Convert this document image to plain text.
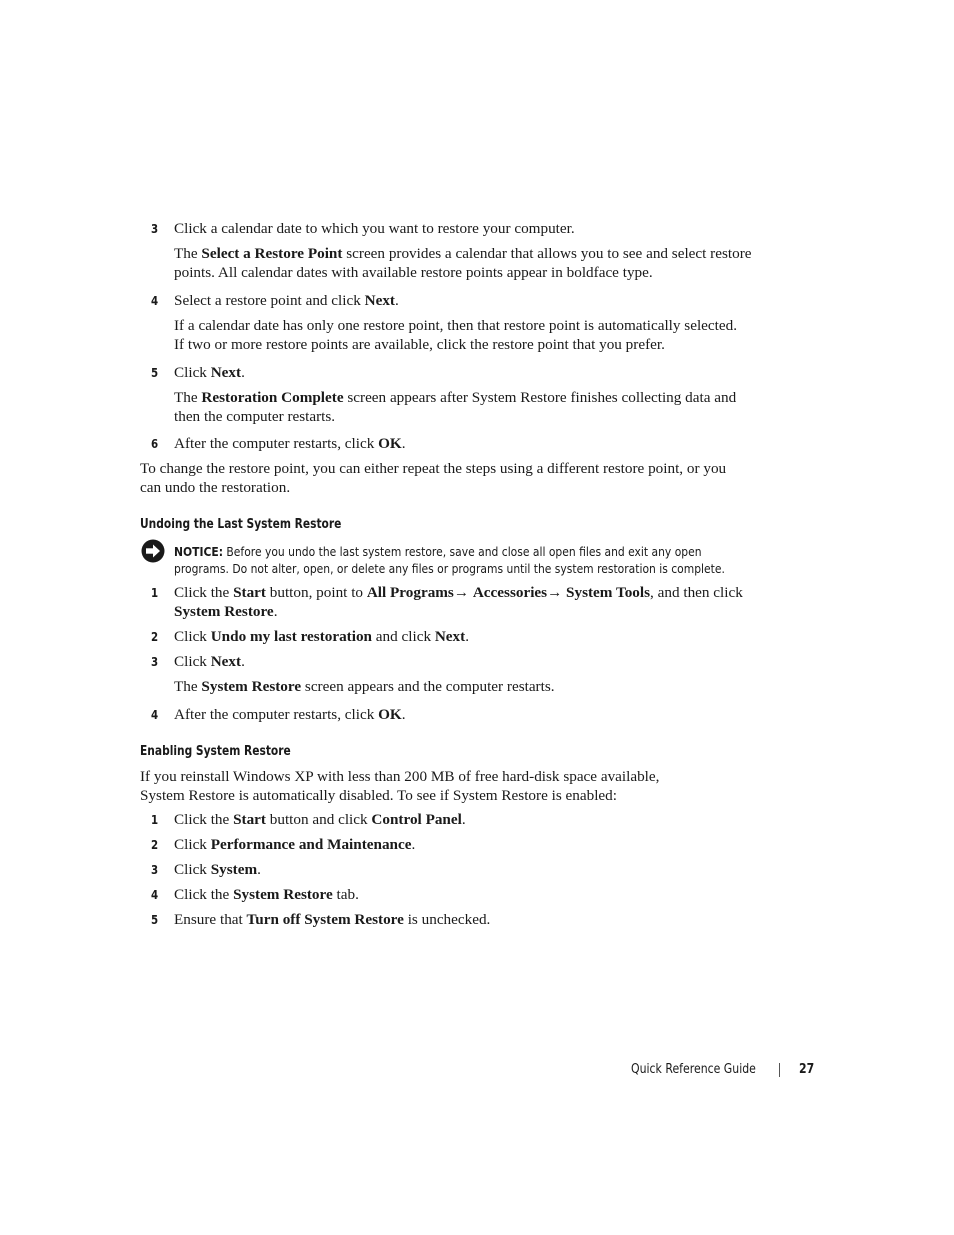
3 Click a calendar date to which you want to restore your computer.
The Select a Restore Point screen provides a calendar that allows you to see and select restore
points. All calendar dates with available restore points appear in boldface type.
4 Select a restore point and click Next.
If a calendar date has only one restore point, then that restore point is automatically selected.
If two or more restore points are available, click the restore point that you prefer.
5 Click Next.
The Restoration Complete screen appears after System Restore finishes collecting data and
then the computer restarts.
6 After the computer restarts, click OK.
To change the restore point, you can either repeat the steps using a different restore point, or you
can undo the restoration.
Undoing the Last System Restore
NOTICE: Before you undo the last system restore, save and close all open files and exit any open
programs. Do not alter, open, or delete any files or programs until the system restoration is complete.
1 Click the Start button, point to All Programs→ Accessories→ System Tools, and then click
System Restore.
2 Click Undo my last restoration and click Next.
3 Click Next.
The System Restore screen appears and the computer restarts.
4 After the computer restarts, click OK.
Enabling System Restore
If you reinstall Windows XP with less than 200 MB of free hard-disk space available,
System Restore is automatically disabled. To see if System Restore is enabled:
1 Click the Start button and click Control Panel.
2 Click Performance and Maintenance.
3 Click System.
4 Click the System Restore tab.
5 Ensure that Turn off System Restore is unchecked.
Quick Reference Guide	27
